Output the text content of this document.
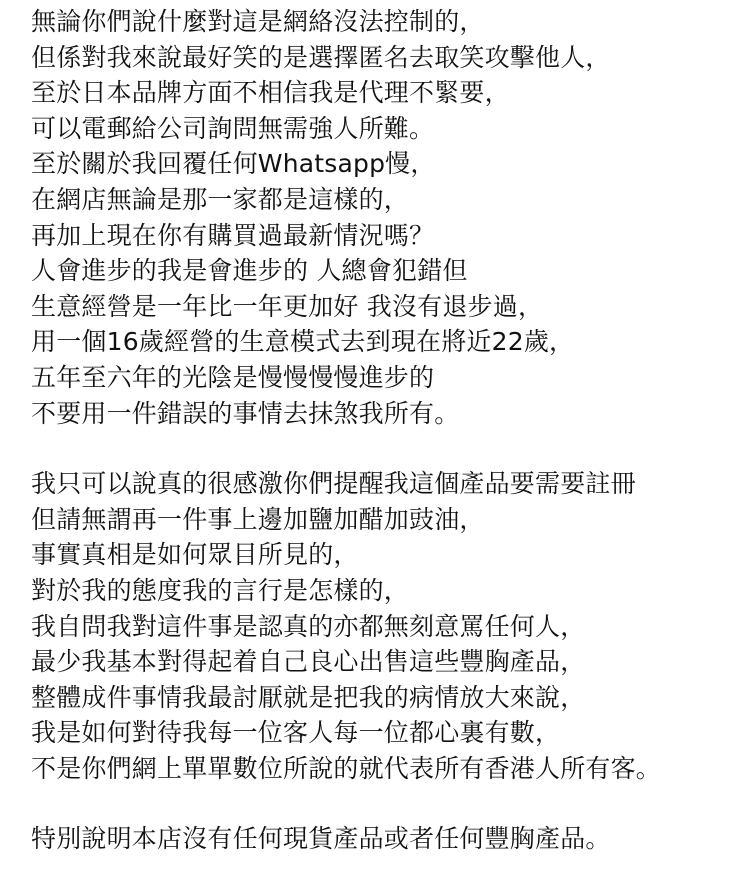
無論你們說什麼對這是網絡沒法控制的，
但係對我來說最好笑的是選擇匿名去取笑攻擊他人，
至於日本品牌方面不相信我是代理不緊要，
可以電郵給公司詢問無需強人所難。
至於關於我回覆任何Whatsapp慢，
在網店無論是那一家都是這樣的，
再加上現在你有購買過最新情況嗎？
人會進步的我是會進步的 人總會犯錯但
生意經營是一年比一年更加好 我沒有退步過，
用一個16歲經營的生意模式去到現在將近22歲，
五年至六年的光陰是慢慢慢慢進步的
不要用一件錯誤的事情去抹煞我所有。
我只可以說真的很感激你們提醒我這個產品要需要註冊
但請無謂再一件事上邊加鹽加醋加豉油，
事實真相是如何眾目所見的，
對於我的態度我的言行是怎樣的，
我自問我對這件事是認真的亦都無刻意罵任何人，
最少我基本對得起着自己良心出售這些豐胸產品，
整體成件事情我最討厭就是把我的病情放大來說，
我是如何對待我每一位客人每一位都心裏有數，
不是你們網上單單數位所說的就代表所有香港人所有客。
特別說明本店沒有任何現貨產品或者任何豐胸產品。
